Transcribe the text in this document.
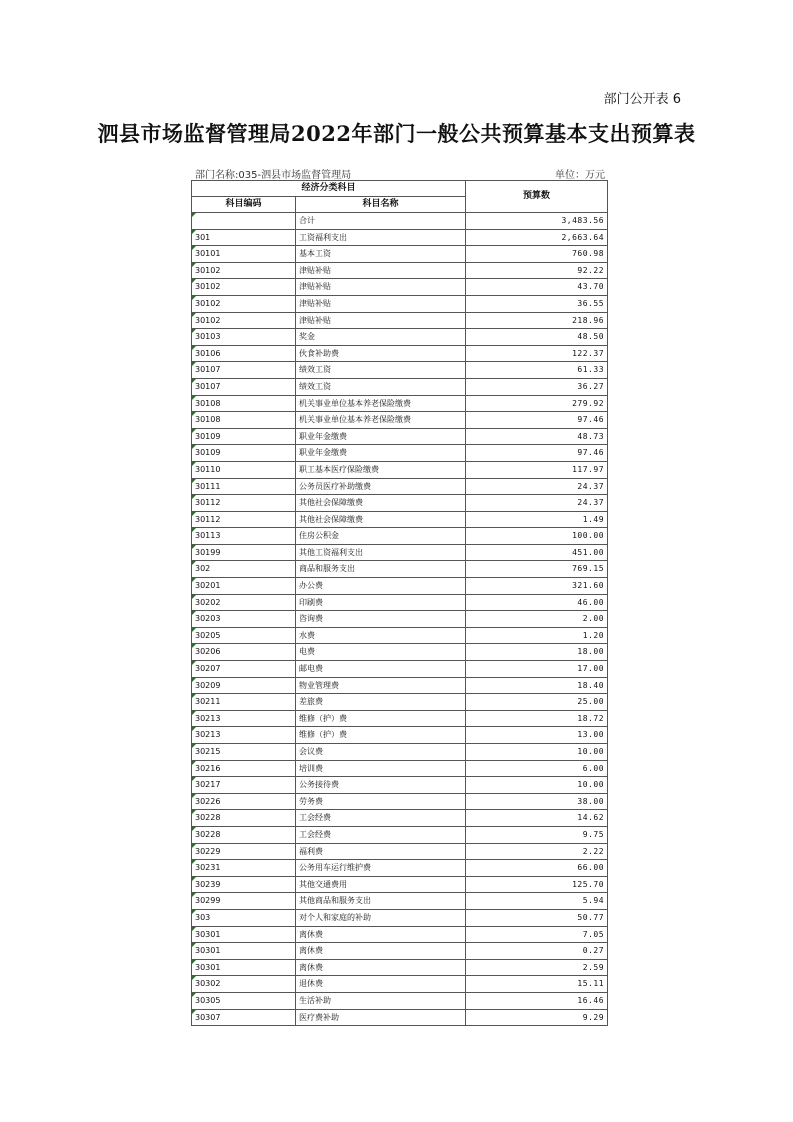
部门公开表 6
泗县市场监督管理局2022年部门一般公共预算基本支出预算表
部门名称:035-泗县市场监督管理局	单位：万元
经济分类科目		预算数
科目编码	科目名称	
	合计	3,483.56
301	工资福利支出	2,663.64
30101	基本工资	760.98
30102	津贴补贴	92.22
30102	津贴补贴	43.70
30102	津贴补贴	36.55
30102	津贴补贴	218.96
30103	奖金	48.50
30106	伙食补助费	122.37
30107	绩效工资	61.33
30107	绩效工资	36.27
30108	机关事业单位基本养老保险缴费	279.92
30108	机关事业单位基本养老保险缴费	97.46
30109	职业年金缴费	48.73
30109	职业年金缴费	97.46
30110	职工基本医疗保险缴费	117.97
30111	公务员医疗补助缴费	24.37
30112	其他社会保障缴费	24.37
30112	其他社会保障缴费	1.49
30113	住房公积金	100.00
30199	其他工资福利支出	451.00
302	商品和服务支出	769.15
30201	办公费	321.60
30202	印刷费	46.00
30203	咨询费	2.00
30205	水费	1.20
30206	电费	18.00
30207	邮电费	17.00
30209	物业管理费	18.40
30211	差旅费	25.00
30213	维修（护）费	18.72
30213	维修（护）费	13.00
30215	会议费	10.00
30216	培训费	6.00
30217	公务接待费	10.00
30226	劳务费	38.00
30228	工会经费	14.62
30228	工会经费	9.75
30229	福利费	2.22
30231	公务用车运行维护费	66.00
30239	其他交通费用	125.70
30299	其他商品和服务支出	5.94
303	对个人和家庭的补助	50.77
30301	离休费	7.05
30301	离休费	0.27
30301	离休费	2.59
30302	退休费	15.11
30305	生活补助	16.46
30307	医疗费补助	9.29
